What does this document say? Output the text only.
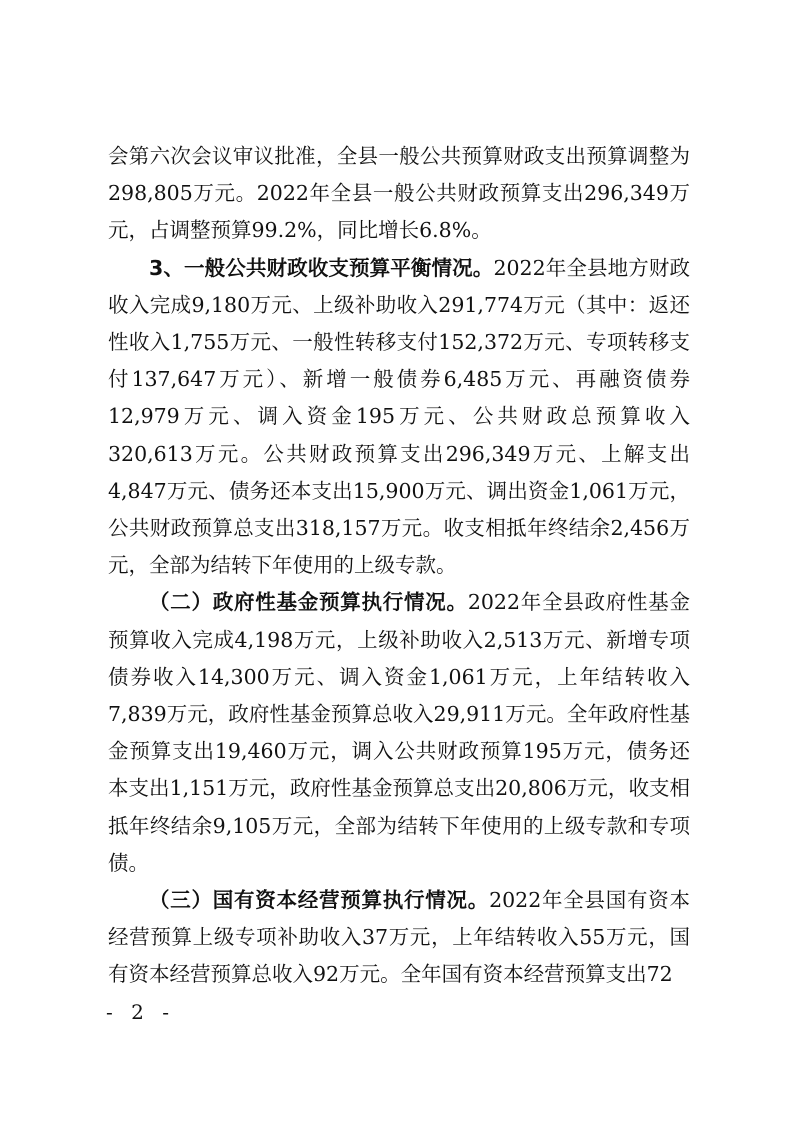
会第六次会议审议批准，全县一般公共预算财政支出预算调整为298,805万元。2022年全县一般公共财政预算支出296,349万元，占调整预算99.2%，同比增长6.8%。

3、一般公共财政收支预算平衡情况。2022年全县地方财政收入完成9,180万元、上级补助收入291,774万元（其中：返还性收入1,755万元、一般性转移支付152,372万元、专项转移支付137,647万元）、新增一般债券6,485万元、再融资债券12,979万元、调入资金195万元、公共财政总预算收入320,613万元。公共财政预算支出296,349万元、上解支出4,847万元、债务还本支出15,900万元、调出资金1,061万元，公共财政预算总支出318,157万元。收支相抵年终结余2,456万元，全部为结转下年使用的上级专款。

（二）政府性基金预算执行情况。2022年全县政府性基金预算收入完成4,198万元，上级补助收入2,513万元、新增专项债券收入14,300万元、调入资金1,061万元，上年结转收入7,839万元，政府性基金预算总收入29,911万元。全年政府性基金预算支出19,460万元，调入公共财政预算195万元，债务还本支出1,151万元，政府性基金预算总支出20,806万元，收支相抵年终结余9,105万元，全部为结转下年使用的上级专款和专项债。

（三）国有资本经营预算执行情况。2022年全县国有资本经营预算上级专项补助收入37万元，上年结转收入55万元，国有资本经营预算总收入92万元。全年国有资本经营预算支出72

- 2 -
